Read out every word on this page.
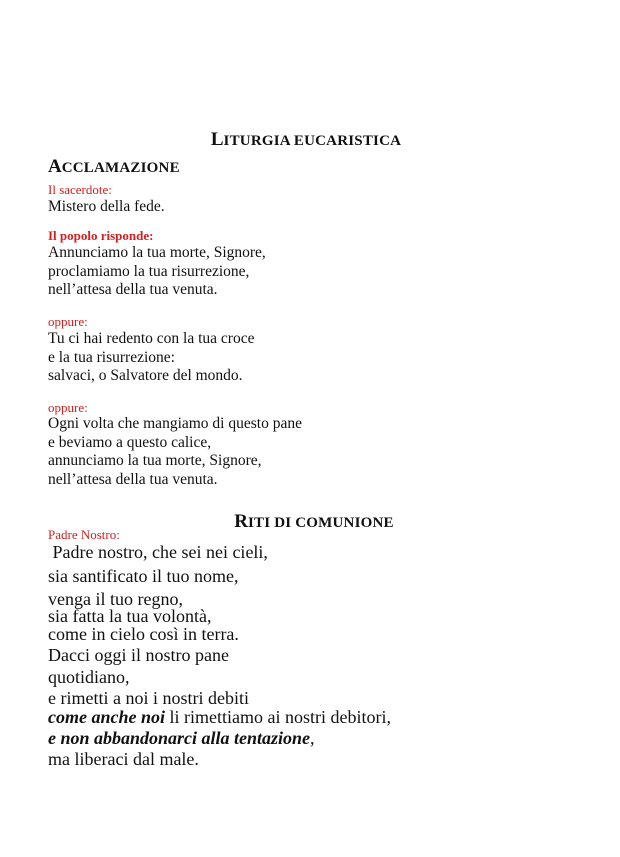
LITURGIA EUCARISTICA
ACCLAMAZIONE

Il sacerdote:

Mistero della fede.

Il popolo risponde:

Annunciamo la tua morte, Signore,
proclamiamo la tua risurrezione,
nell’attesa della tua venuta.

oppure:

Tu ci hai redento con la tua croce
e la tua risurrezione:
salvaci, o Salvatore del mondo.

oppure:

Ogni volta che mangiamo di questo pane
e beviamo a questo calice,
annunciamo la tua morte, Signore,
nell’attesa della tua venuta.
RITI DI COMUNIONE

Padre Nostro:

Padre nostro, che sei nei cieli,
sia santificato il tuo nome,
venga il tuo regno,
sia fatta la tua volontà,
come in cielo così in terra.
Dacci oggi il nostro pane
quotidiano,
e rimetti a noi i nostri debiti
come anche noi li rimettiamo ai nostri debitori,
e non abbandonarci alla tentazione,
ma liberaci dal male.
